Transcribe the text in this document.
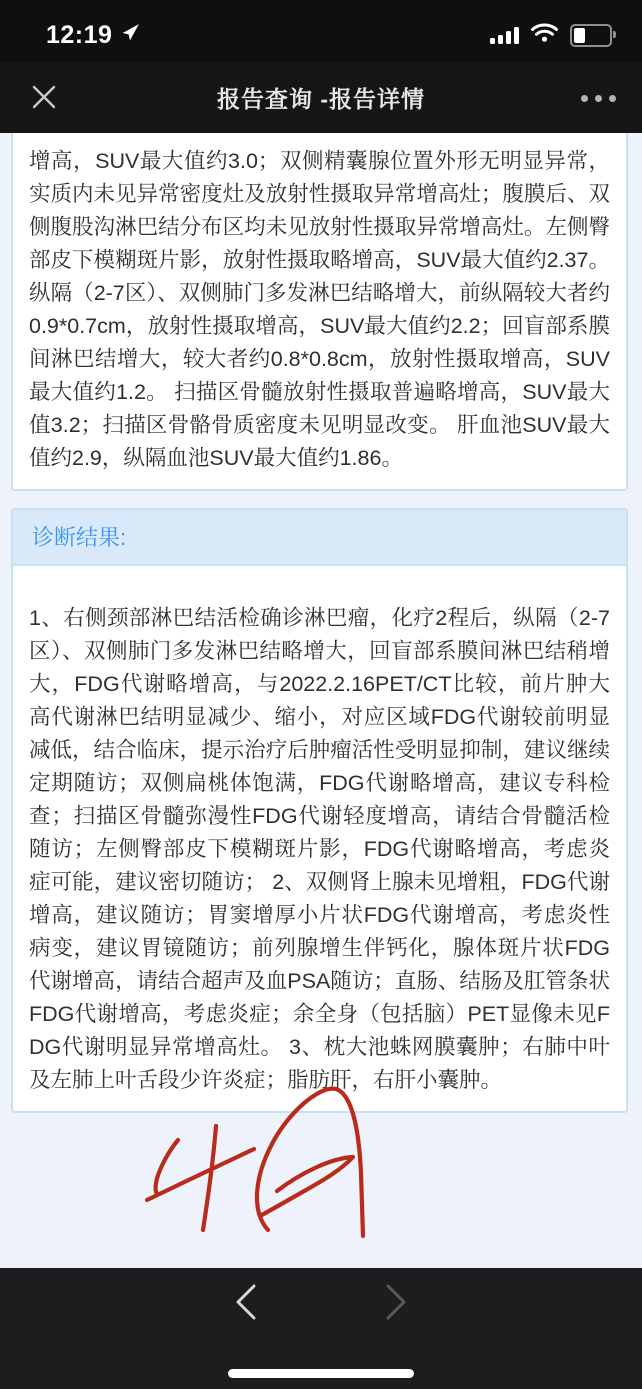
12:19
报告查询 -报告详情
增高，SUV最大值约3.0；双侧精囊腺位置外形无明显异常，实质内未见异常密度灶及放射性摄取异常增高灶；腹膜后、双侧腹股沟淋巴结分布区均未见放射性摄取异常增高灶。左侧臀部皮下模糊斑片影，放射性摄取略增高，SUV最大值约2.37。 纵隔（2-7区）、双侧肺门多发淋巴结略增大，前纵隔较大者约0.9*0.7cm，放射性摄取增高，SUV最大值约2.2；回盲部系膜间淋巴结增大，较大者约0.8*0.8cm，放射性摄取增高，SUV最大值约1.2。 扫描区骨髓放射性摄取普遍略增高，SUV最大值3.2；扫描区骨骼骨质密度未见明显改变。 肝血池SUV最大值约2.9，纵隔血池SUV最大值约1.86。
诊断结果:
1、右侧颈部淋巴结活检确诊淋巴瘤，化疗2程后，纵隔（2-7区）、双侧肺门多发淋巴结略增大，回盲部系膜间淋巴结稍增大，FDG代谢略增高，与2022.2.16PET/CT比较，前片肿大高代谢淋巴结明显减少、缩小，对应区域FDG代谢较前明显减低，结合临床，提示治疗后肿瘤活性受明显抑制，建议继续定期随访；双侧扁桃体饱满，FDG代谢略增高，建议专科检查；扫描区骨髓弥漫性FDG代谢轻度增高，请结合骨髓活检随访；左侧臀部皮下模糊斑片影，FDG代谢略增高，考虑炎症可能，建议密切随访； 2、双侧肾上腺未见增粗，FDG代谢增高，建议随访；胃窦增厚小片状FDG代谢增高，考虑炎性病变，建议胃镜随访；前列腺增生伴钙化，腺体斑片状FDG代谢增高，请结合超声及血PSA随访；直肠、结肠及肛管条状FDG代谢增高，考虑炎症；余全身（包括脑）PET显像未见FDG代谢明显异常增高灶。 3、枕大池蛛网膜囊肿；右肺中叶及左肺上叶舌段少许炎症；脂肪肝，右肝小囊肿。
